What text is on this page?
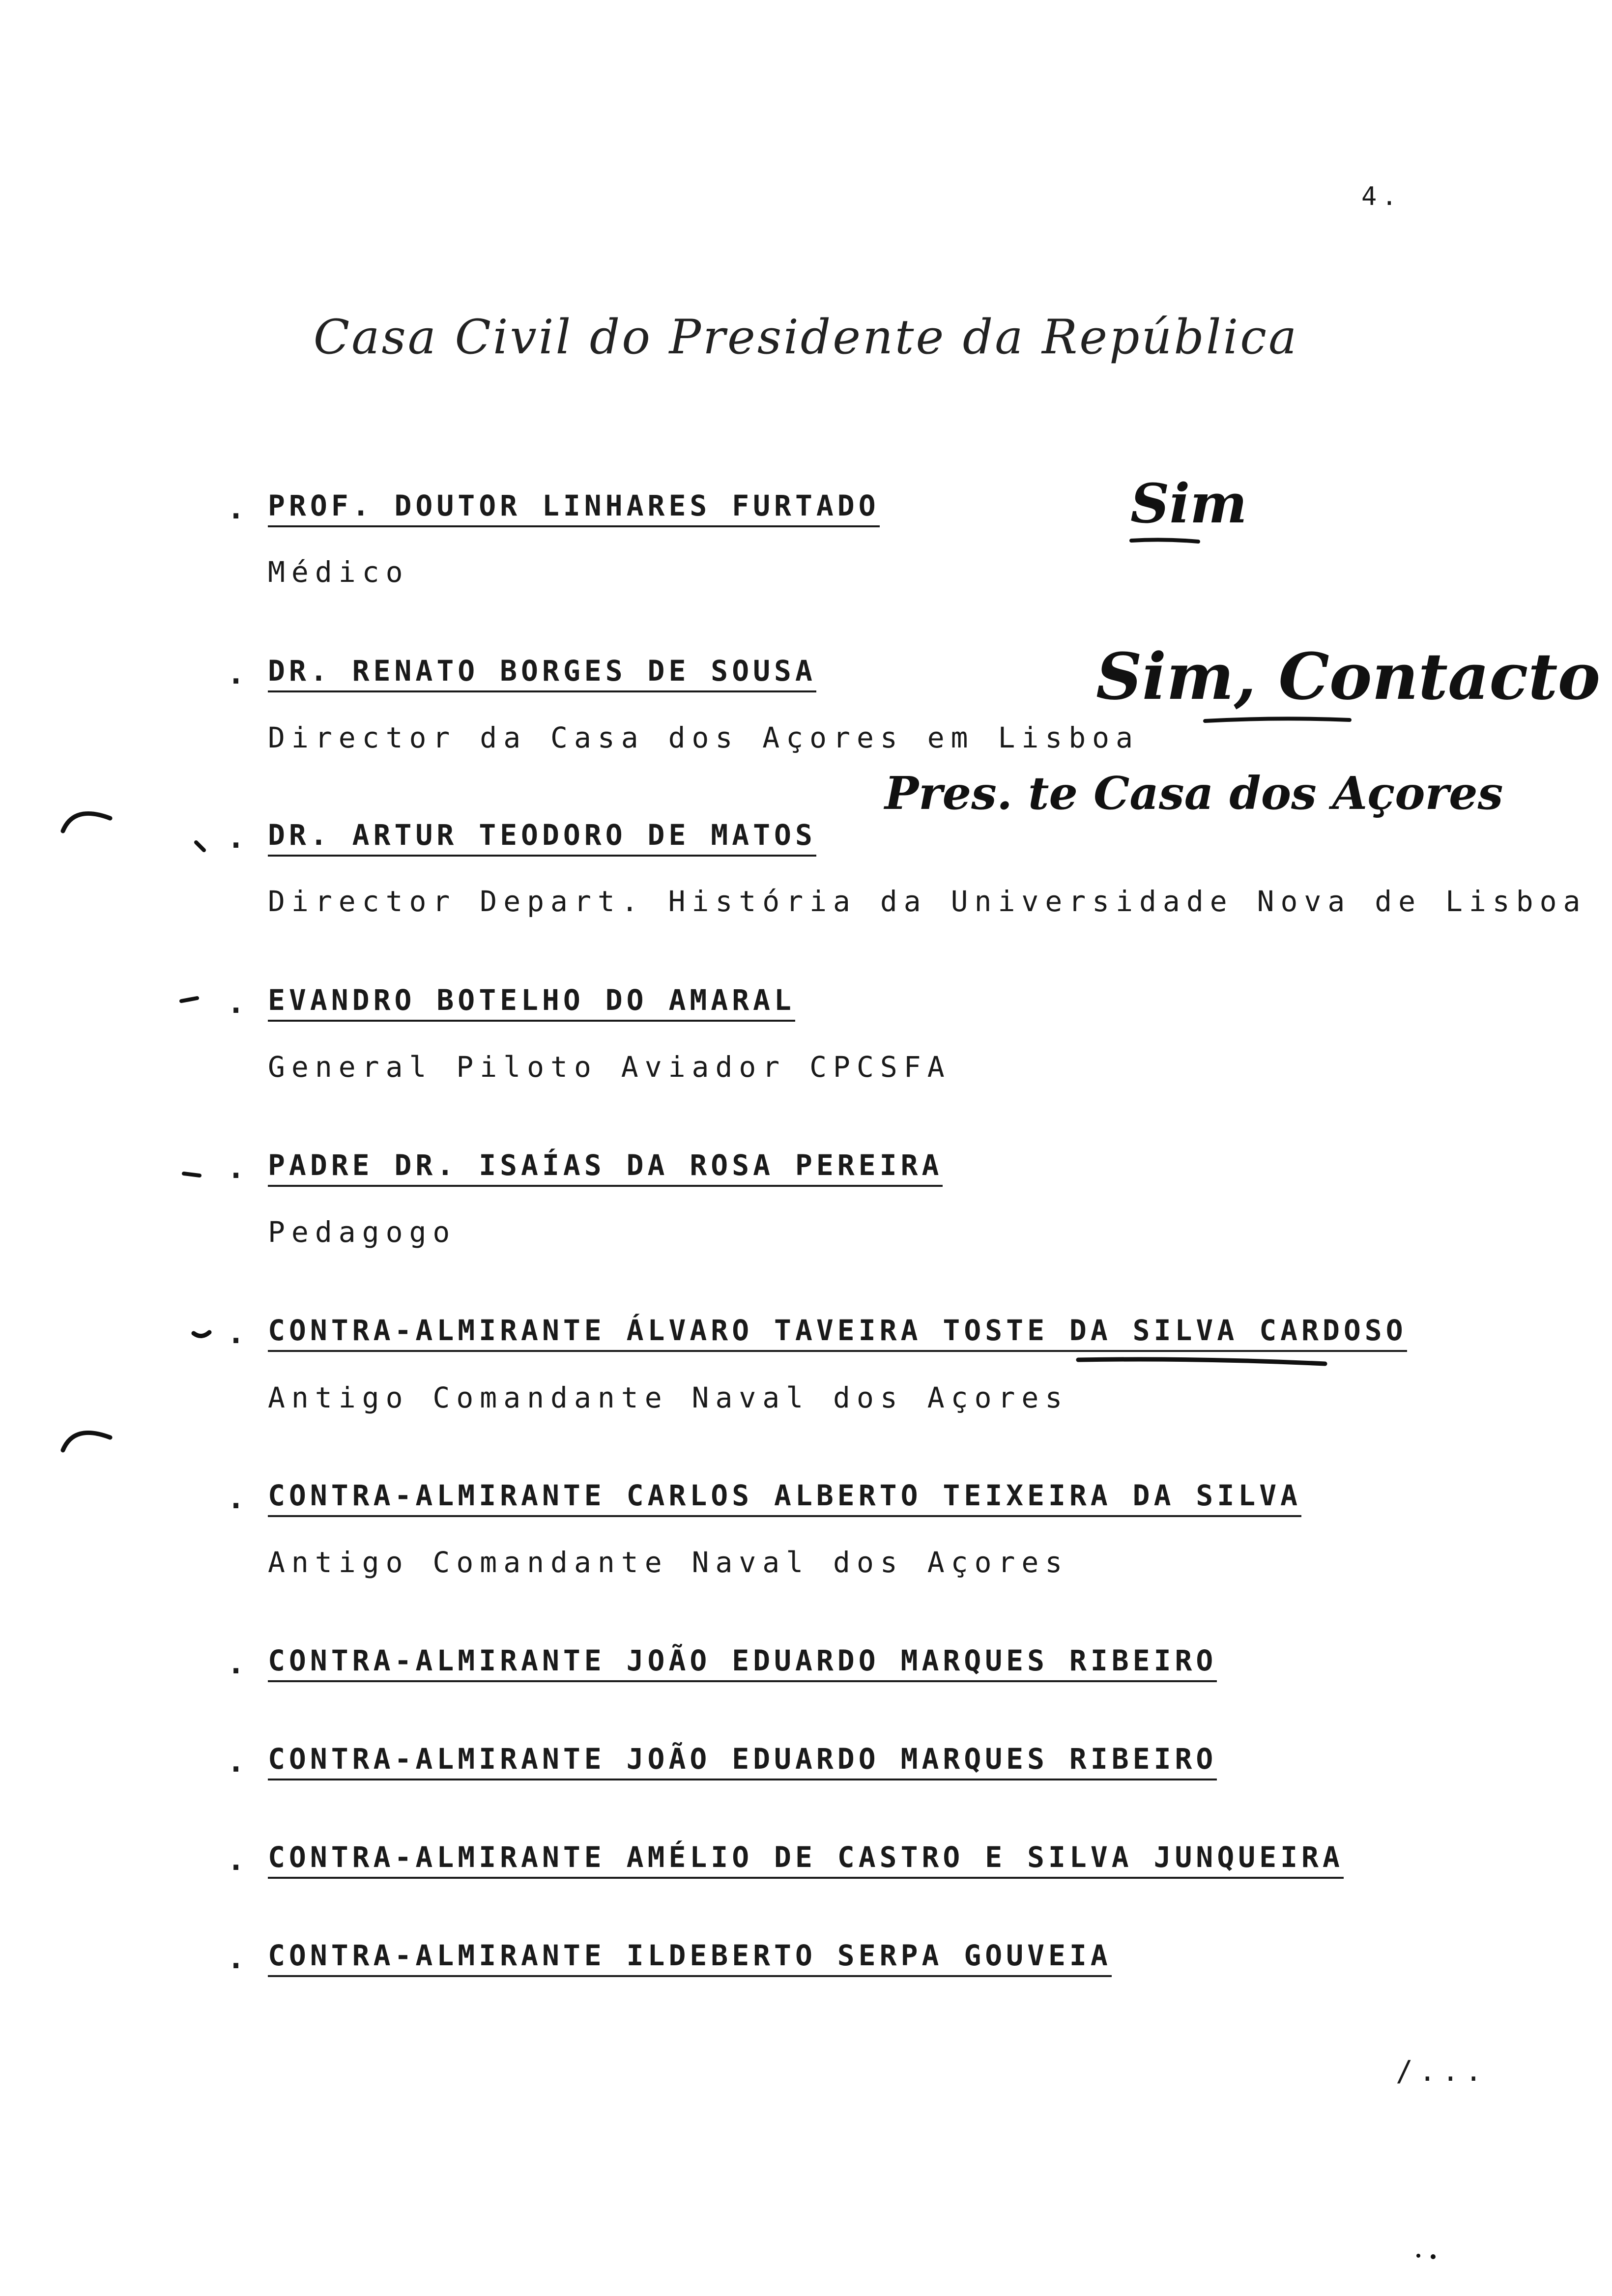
4.
Casa Civil do Presidente da República
. PROF. DOUTOR LINHARES FURTADO
Médico
. DR. RENATO BORGES DE SOUSA
Director da Casa dos Açores em Lisboa
. DR. ARTUR TEODORO DE MATOS
Director Depart. História da Universidade Nova de Lisboa
. EVANDRO BOTELHO DO AMARAL
General Piloto Aviador CPCSFA
. PADRE DR. ISAÍAS DA ROSA PEREIRA
Pedagogo
. CONTRA-ALMIRANTE ÁLVARO TAVEIRA TOSTE DA SILVA CARDOSO
Antigo Comandante Naval dos Açores
. CONTRA-ALMIRANTE CARLOS ALBERTO TEIXEIRA DA SILVA
Antigo Comandante Naval dos Açores
. CONTRA-ALMIRANTE JOÃO EDUARDO MARQUES RIBEIRO
. CONTRA-ALMIRANTE JOÃO EDUARDO MARQUES RIBEIRO
. CONTRA-ALMIRANTE AMÉLIO DE CASTRO E SILVA JUNQUEIRA
. CONTRA-ALMIRANTE ILDEBERTO SERPA GOUVEIA
Sim
Sim, Contacto
Pres. te Casa dos Açores
/...
